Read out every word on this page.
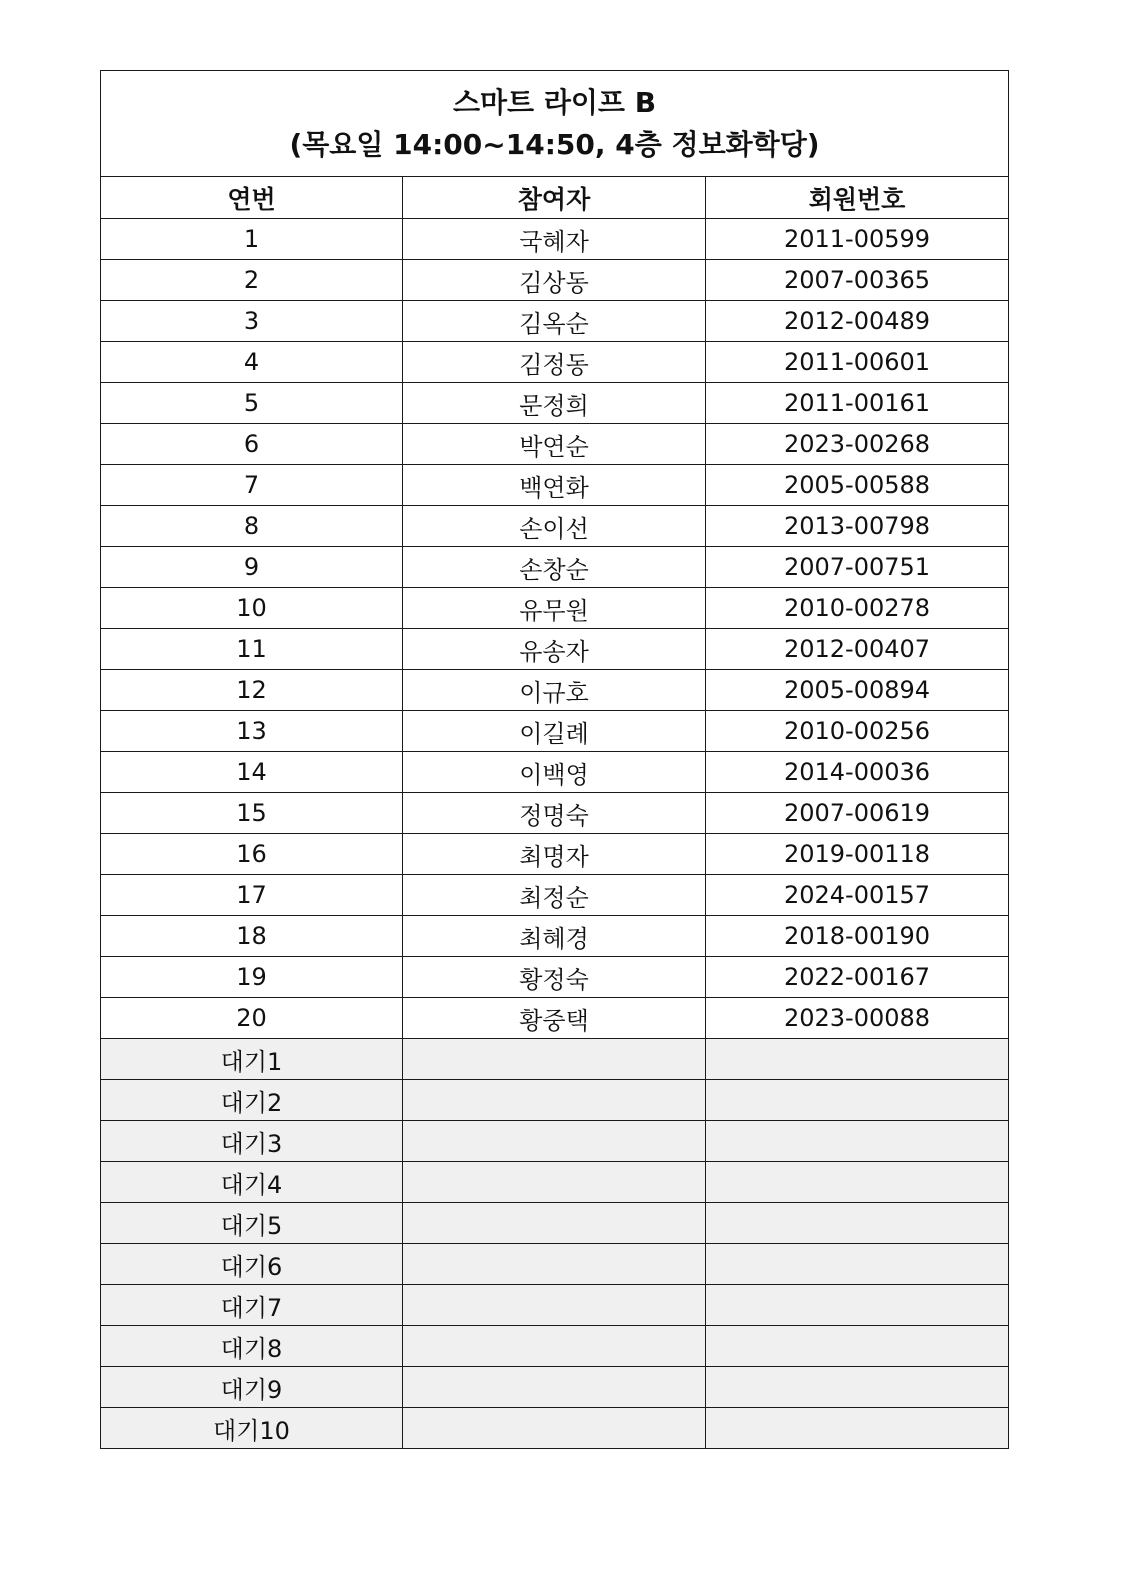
스마트 라이프 B
(목요일 14:00~14:50, 4층 정보화학당)		

연번	참여자	회원번호
1	국혜자	2011-00599
2	김상동	2007-00365
3	김옥순	2012-00489
4	김정동	2011-00601
5	문정희	2011-00161
6	박연순	2023-00268
7	백연화	2005-00588
8	손이선	2013-00798
9	손창순	2007-00751
10	유무원	2010-00278
11	유송자	2012-00407
12	이규호	2005-00894
13	이길례	2010-00256
14	이백영	2014-00036
15	정명숙	2007-00619
16	최명자	2019-00118
17	최정순	2024-00157
18	최혜경	2018-00190
19	황정숙	2022-00167
20	황중택	2023-00088
대기1		
대기2		
대기3		
대기4		
대기5		
대기6		
대기7		
대기8		
대기9		
대기10		
